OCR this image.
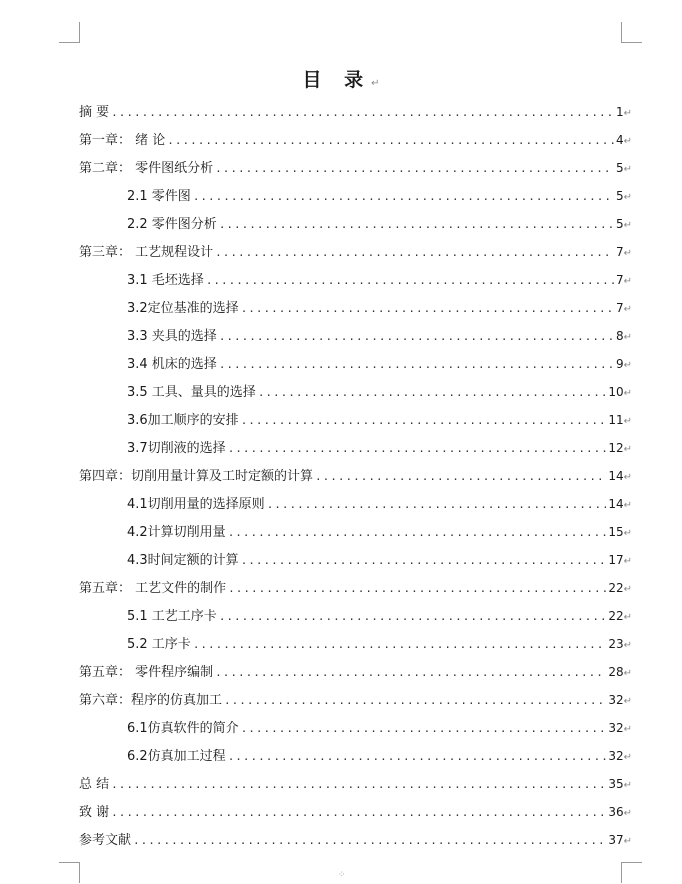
目 录↵
摘 要 .....	1 ↵
第一章： 绪 论 .....	4 ↵
第二章： 零件图纸分析 .....	5 ↵
2.1 零件图 .....	5 ↵
2.2 零件图分析 .....	5 ↵
第三章： 工艺规程设计 .....	7 ↵
3.1 毛坯选择 .....	7 ↵
3.2定位基准的选择 .....	7 ↵
3.3 夹具的选择 .....	8 ↵
3.4 机床的选择 .....	9 ↵
3.5 工具、量具的选择 .....	10 ↵
3.6加工顺序的安排 .....	11 ↵
3.7切削液的选择 .....	12 ↵
第四章：切削用量计算及工时定额的计算 .....	14 ↵
4.1切削用量的选择原则 .....	14 ↵
4.2计算切削用量 .....	15 ↵
4.3时间定额的计算 .....	17 ↵
第五章： 工艺文件的制作 .....	22 ↵
5.1 工艺工序卡 .....	22 ↵
5.2 工序卡 .....	23 ↵
第五章： 零件程序编制 .....	28 ↵
第六章：程序的仿真加工 .....	32 ↵
6.1仿真软件的简介 .....	32 ↵
6.2仿真加工过程 .....	32 ↵
总 结 .....	35 ↵
致 谢 .....	36 ↵
参考文献 .....	37 ↵
⁘
